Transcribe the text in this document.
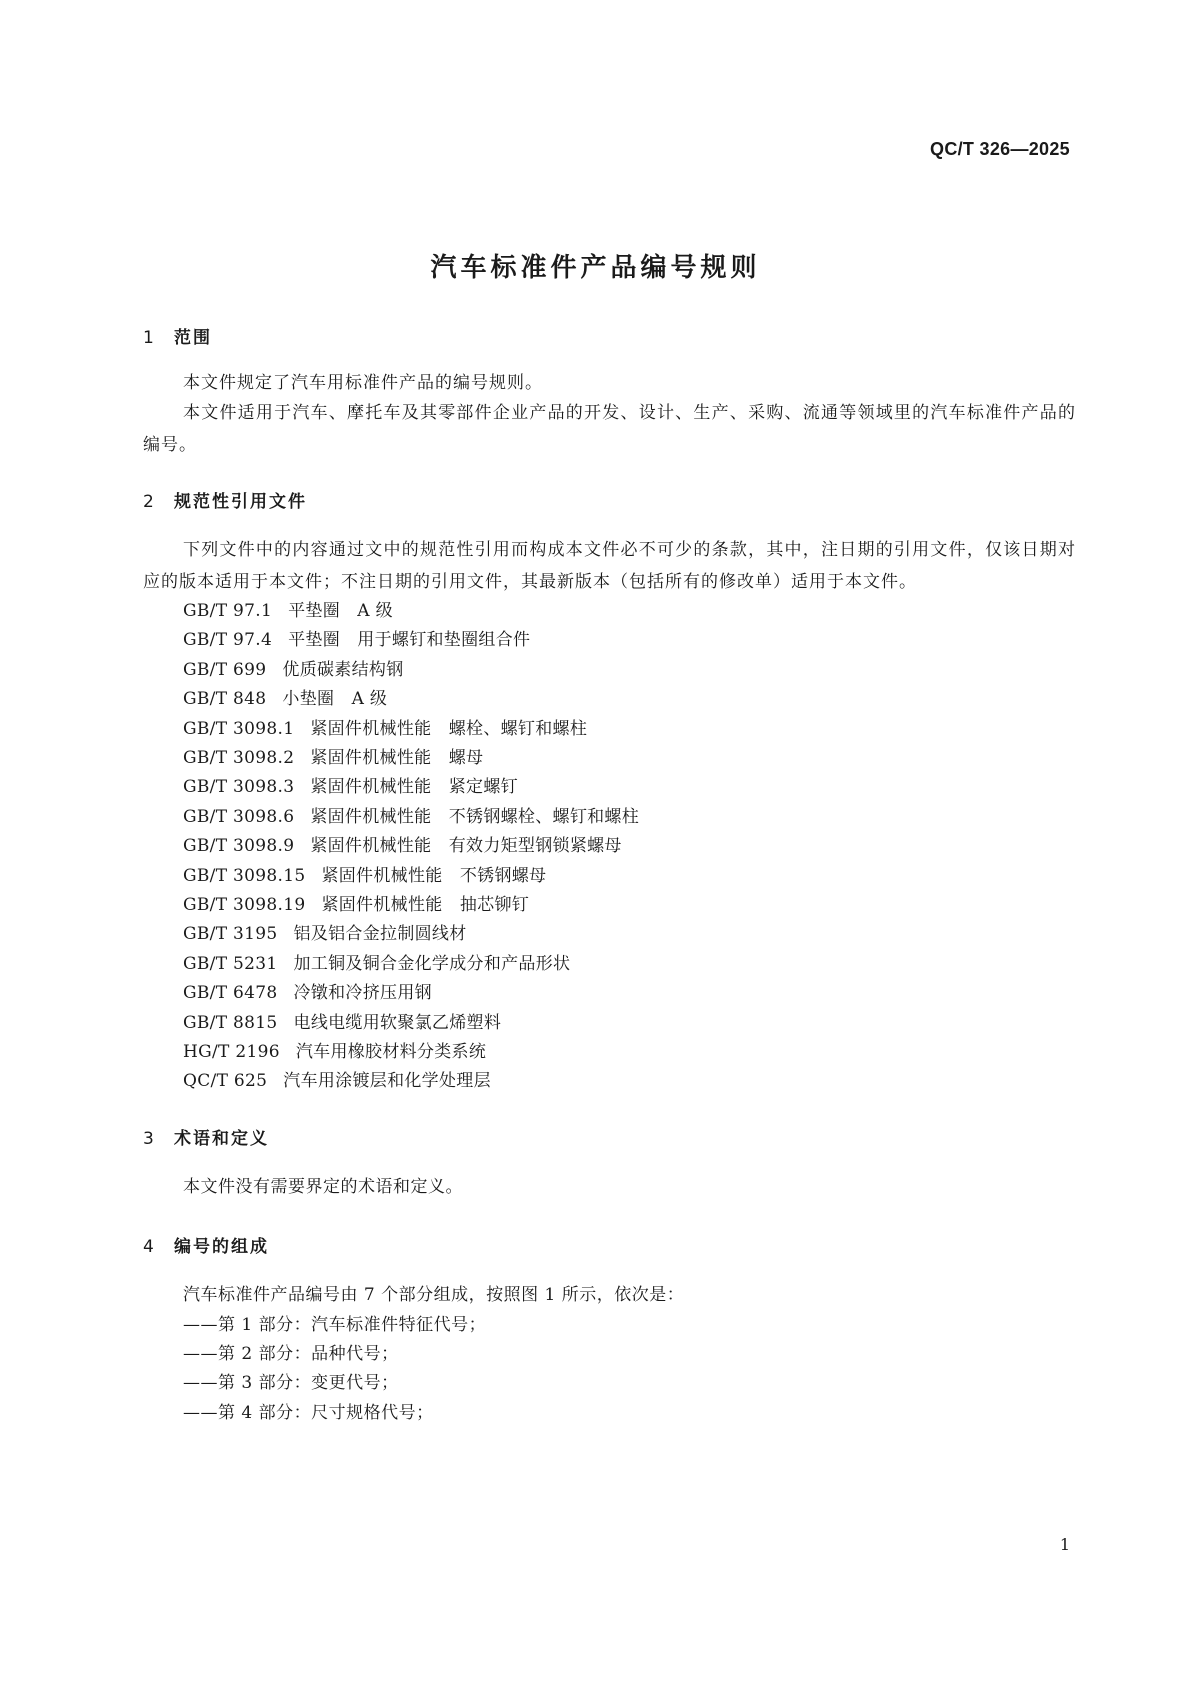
QC/T 326—2025
汽车标准件产品编号规则
1 范围

本文件规定了汽车用标准件产品的编号规则。

本文件适用于汽车、摩托车及其零部件企业产品的开发、设计、生产、采购、流通等领域里的汽车标准件产品的编号。

2 规范性引用文件

下列文件中的内容通过文中的规范性引用而构成本文件必不可少的条款，其中，注日期的引用文件，仅该日期对应的版本适用于本文件；不注日期的引用文件，其最新版本（包括所有的修改单）适用于本文件。

GB/T 97.1 平垫圈　A 级
GB/T 97.4 平垫圈　用于螺钉和垫圈组合件
GB/T 699 优质碳素结构钢
GB/T 848 小垫圈　A 级
GB/T 3098.1 紧固件机械性能　螺栓、螺钉和螺柱
GB/T 3098.2 紧固件机械性能　螺母
GB/T 3098.3 紧固件机械性能　紧定螺钉
GB/T 3098.6 紧固件机械性能　不锈钢螺栓、螺钉和螺柱
GB/T 3098.9 紧固件机械性能　有效力矩型钢锁紧螺母
GB/T 3098.15 紧固件机械性能　不锈钢螺母
GB/T 3098.19 紧固件机械性能　抽芯铆钉
GB/T 3195 铝及铝合金拉制圆线材
GB/T 5231 加工铜及铜合金化学成分和产品形状
GB/T 6478 冷镦和冷挤压用钢
GB/T 8815 电线电缆用软聚氯乙烯塑料
HG/T 2196 汽车用橡胶材料分类系统
QC/T 625 汽车用涂镀层和化学处理层
3 术语和定义
本文件没有需要界定的术语和定义。
4 编号的组成
汽车标准件产品编号由 7 个部分组成，按照图 1 所示，依次是：
——第 1 部分：汽车标准件特征代号；
——第 2 部分：品种代号；
——第 3 部分：变更代号；
——第 4 部分：尺寸规格代号；
1
